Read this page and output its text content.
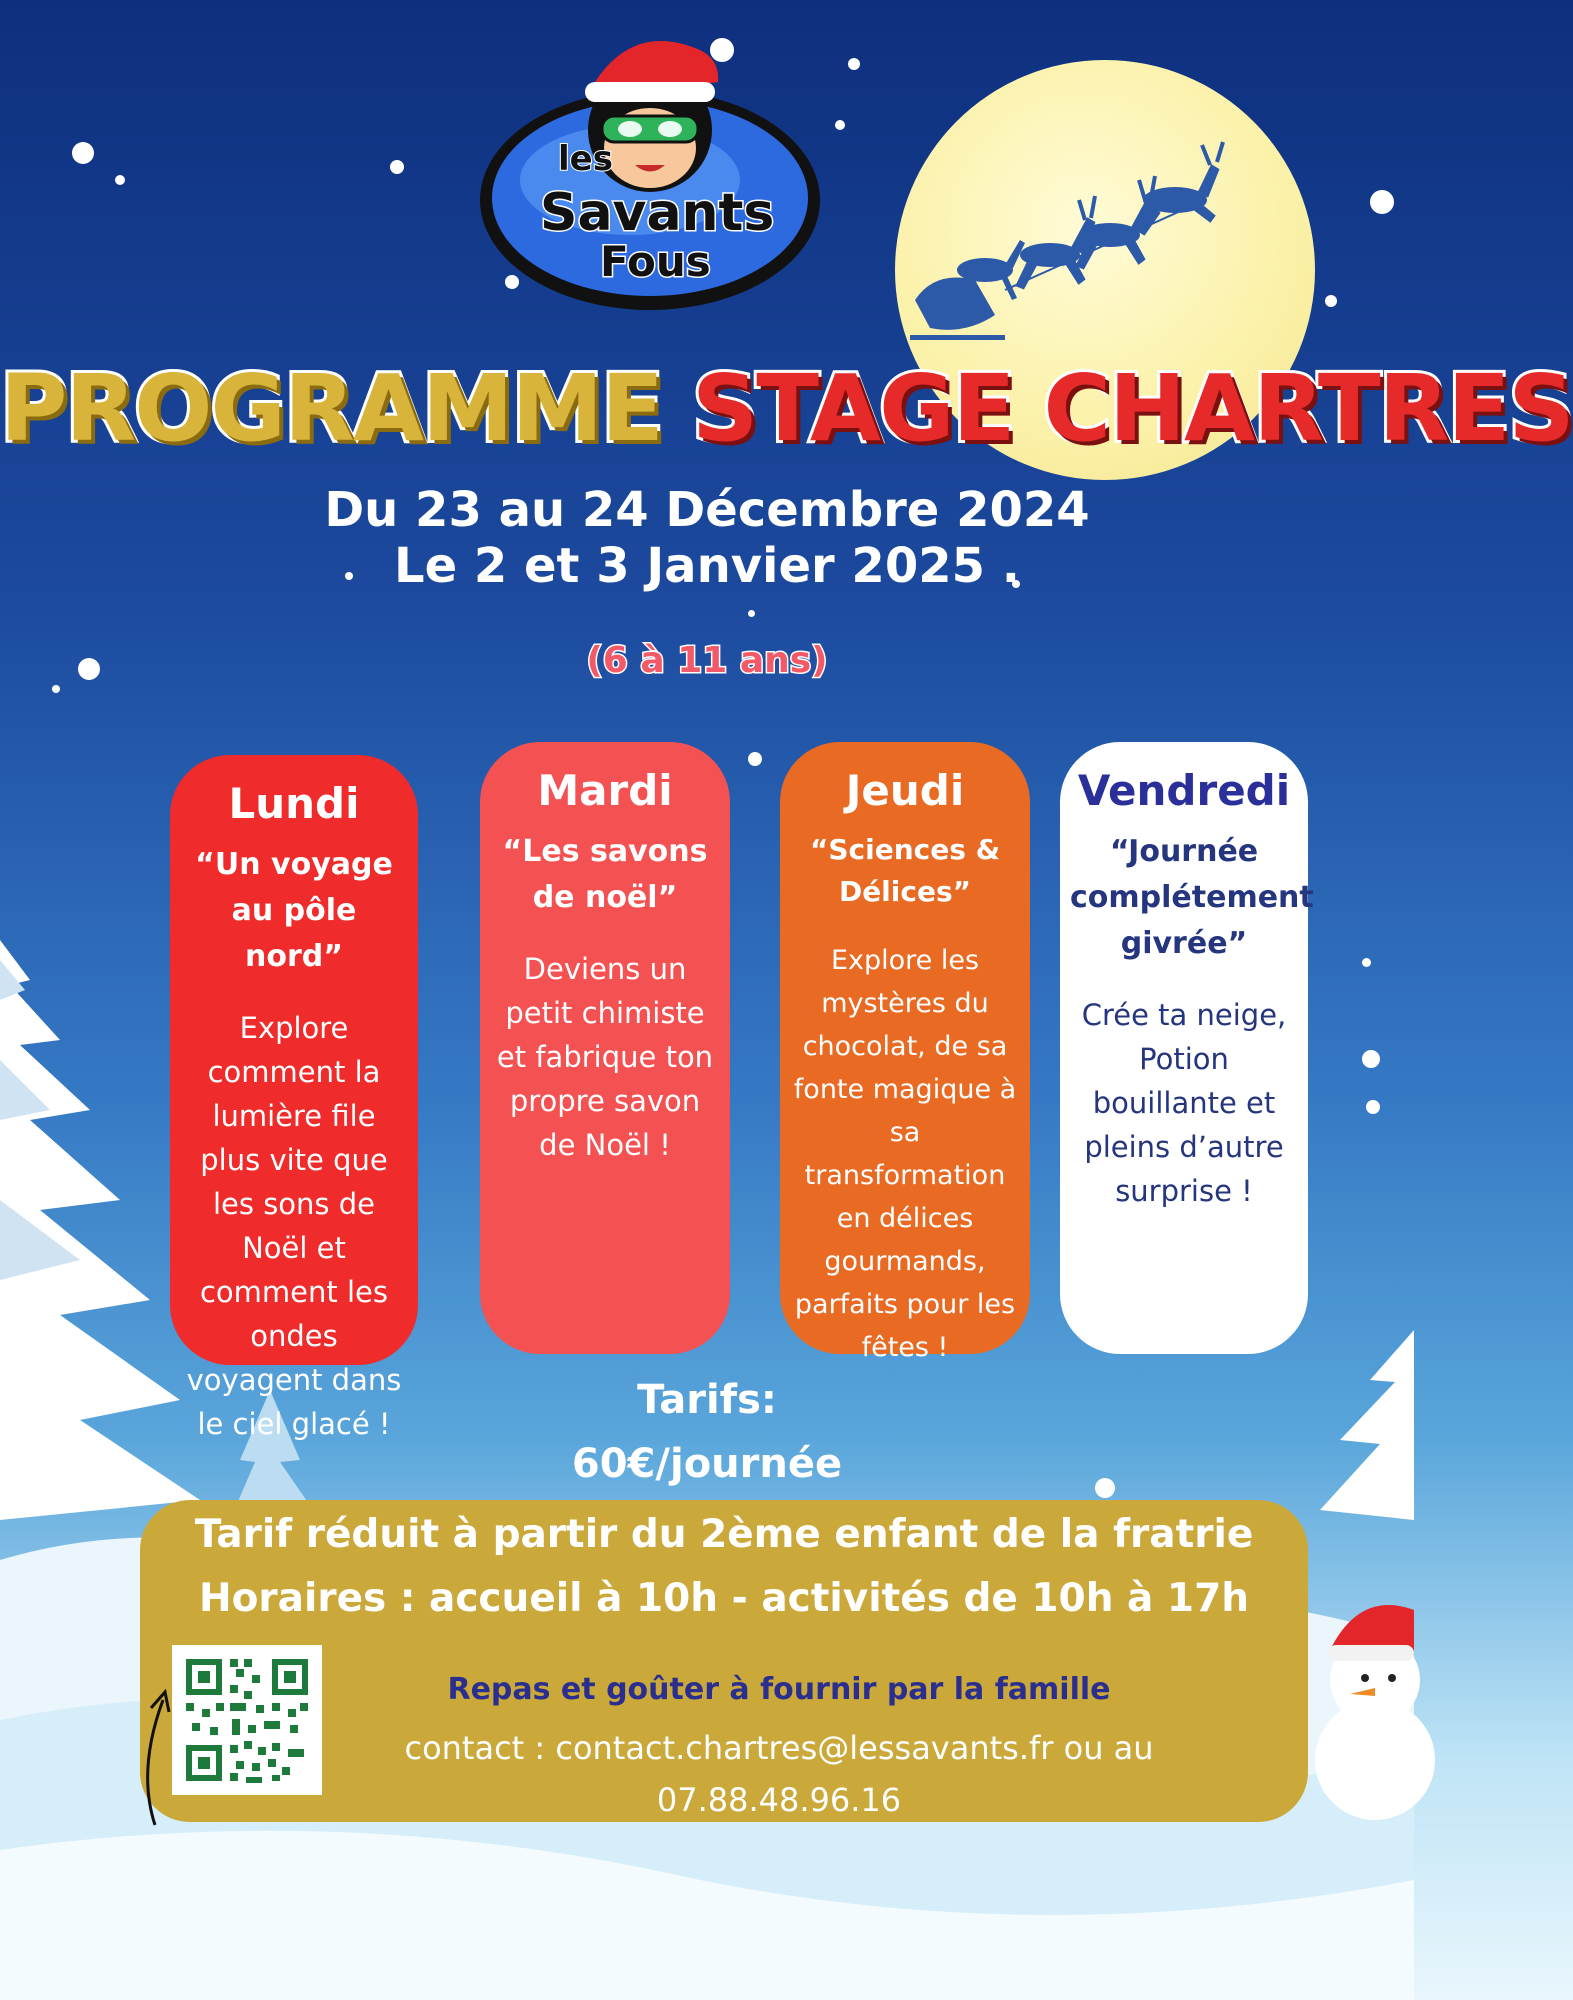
les
Savants
Fous
PROGRAMME STAGE CHARTRES
Du 23 au 24 Décembre 2024
Le 2 et 3 Janvier 2025 .
(6 à 11 ans)
Lundi
“Un voyage au pôle nord”
Explore comment la lumière file plus vite que les sons de Noël et comment les ondes voyagent dans le ciel glacé !
Mardi
“Les savons de noël”
Deviens un petit chimiste et fabrique ton propre savon de Noël !
Jeudi
“Sciences & Délices”
Explore les mystères du chocolat, de sa fonte magique à sa transformation en délices gourmands, parfaits pour les fêtes !
Vendredi
“Journée complétement givrée”
Crée ta neige, Potion bouillante et pleins d’autre surprise !
Tarifs:
60€/journée
Tarif réduit à partir du 2ème enfant de la fratrie
Horaires : accueil à 10h - activités de 10h à 17h
Repas et goûter à fournir par la famille
contact : contact.chartres@lessavants.fr ou au
07.88.48.96.16
